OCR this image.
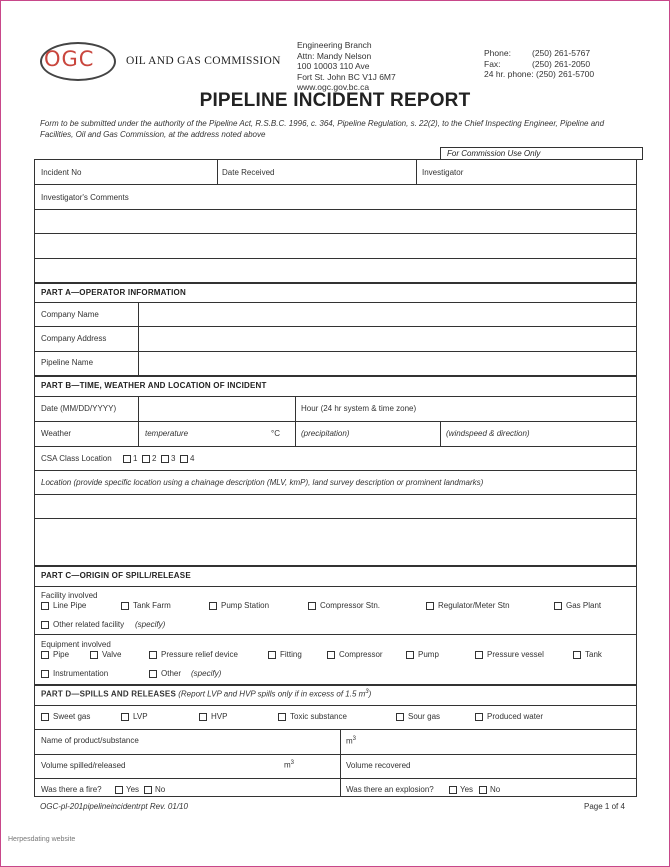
OGC	OIL AND GAS COMMISSION
Engineering Branch
Attn: Mandy Nelson
100 10003 110 Ave
Fort St. John BC V1J 6M7
www.ogc.gov.bc.ca
Phone: (250) 261-5767
Fax:	(250) 261-2050
24 hr. phone: (250) 261-5700
PIPELINE INCIDENT REPORT
Form to be submitted under the authority of the Pipeline Act, R.S.B.C. 1996, c. 364, Pipeline Regulation, s. 22(2), to the Chief Inspecting Engineer, Pipeline and Facilities, Oil and Gas Commission, at the address noted above
For Commission Use Only
Incident No	Date Received	Investigator
Investigator's Comments
PART A—OPERATOR INFORMATION
Company Name
Company Address
Pipeline Name
PART B—TIME, WEATHER AND LOCATION OF INCIDENT
Date (MM/DD/YYYY)	Hour (24 hr system & time zone)
Weather	temperature	°C	(precipitation)	(windspeed & direction)
CSA Class Location	1 2 3 4
Location (provide specific location using a chainage description (MLV, kmP), land survey description or prominent landmarks)
PART C—ORIGIN OF SPILL/RELEASE
Facility involved
Line Pipe	Tank Farm	Pump Station	Compressor Stn.	Regulator/Meter Stn	Gas Plant
Other related facility (specify)
Equipment involved
Pipe	Valve	Pressure relief device	Fitting	Compressor	Pump	Pressure vessel	Tank
Instrumentation	Other (specify)
PART D—SPILLS AND RELEASES (Report LVP and HVP spills only if in excess of 1.5 $m^3$)
Sweet gas	LVP	HVP	Toxic substance	Sour gas	Produced water
Name of product/substance	$m^3$
Volume spilled/released	$m^3$	Volume recovered
Was there a fire?	Yes No	Was there an explosion?	Yes No
OGC-pl-201pipelineincidentrpt Rev. 01/10	Page 1 of 4
Herpesdating website
